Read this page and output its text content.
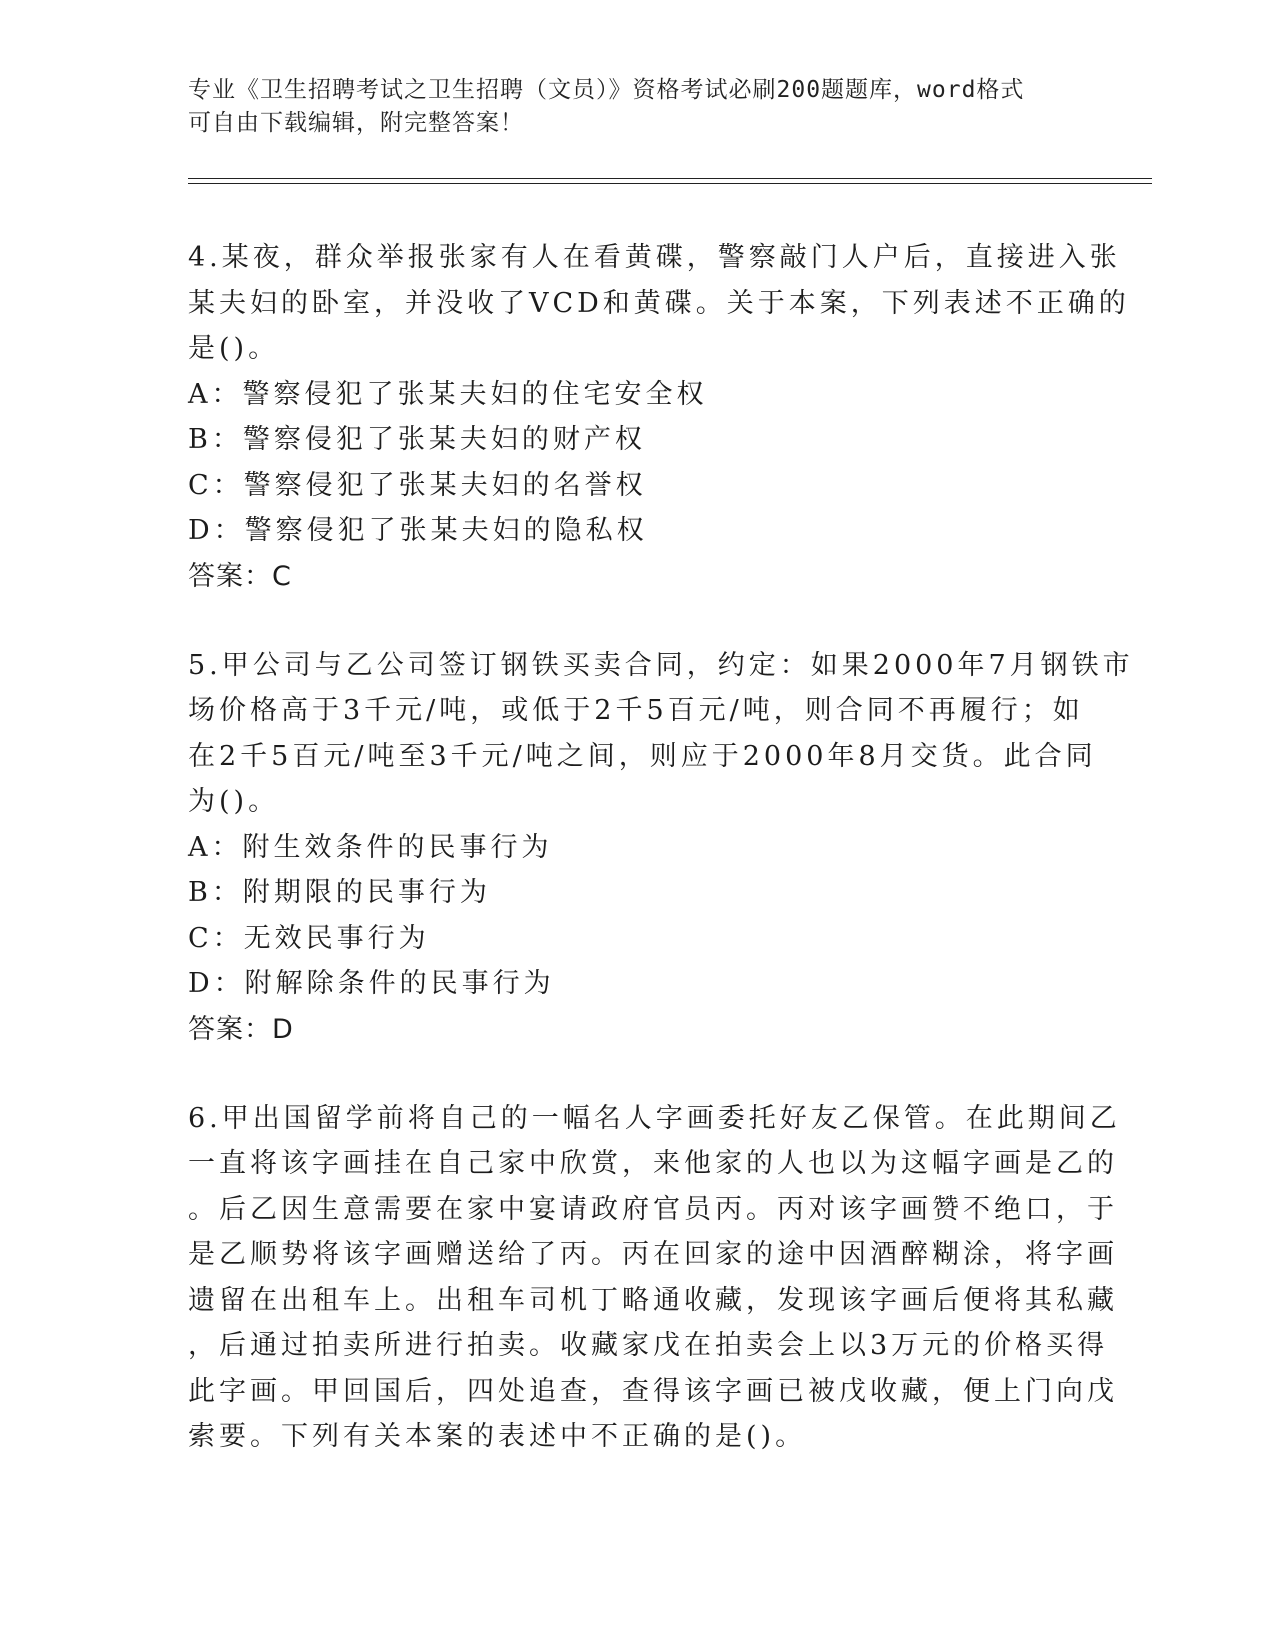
专业《卫生招聘考试之卫生招聘（文员）》资格考试必刷200题题库，word格式
可自由下载编辑，附完整答案！
4.某夜，群众举报张家有人在看黄碟，警察敲门人户后，直接进入张
某夫妇的卧室，并没收了VCD和黄碟。关于本案，下列表述不正确的
是()。
A：警察侵犯了张某夫妇的住宅安全权
B：警察侵犯了张某夫妇的财产权
C：警察侵犯了张某夫妇的名誉权
D：警察侵犯了张某夫妇的隐私权
答案：C
5.甲公司与乙公司签订钢铁买卖合同，约定：如果2000年7月钢铁市
场价格高于3千元/吨，或低于2千5百元/吨，则合同不再履行；如
在2千5百元/吨至3千元/吨之间，则应于2000年8月交货。此合同
为()。
A：附生效条件的民事行为
B：附期限的民事行为
C：无效民事行为
D：附解除条件的民事行为
答案：D
6.甲出国留学前将自己的一幅名人字画委托好友乙保管。在此期间乙
一直将该字画挂在自己家中欣赏，来他家的人也以为这幅字画是乙的
。后乙因生意需要在家中宴请政府官员丙。丙对该字画赞不绝口，于
是乙顺势将该字画赠送给了丙。丙在回家的途中因酒醉糊涂，将字画
遗留在出租车上。出租车司机丁略通收藏，发现该字画后便将其私藏
，后通过拍卖所进行拍卖。收藏家戊在拍卖会上以3万元的价格买得
此字画。甲回国后，四处追查，查得该字画已被戊收藏，便上门向戊
索要。下列有关本案的表述中不正确的是()。
